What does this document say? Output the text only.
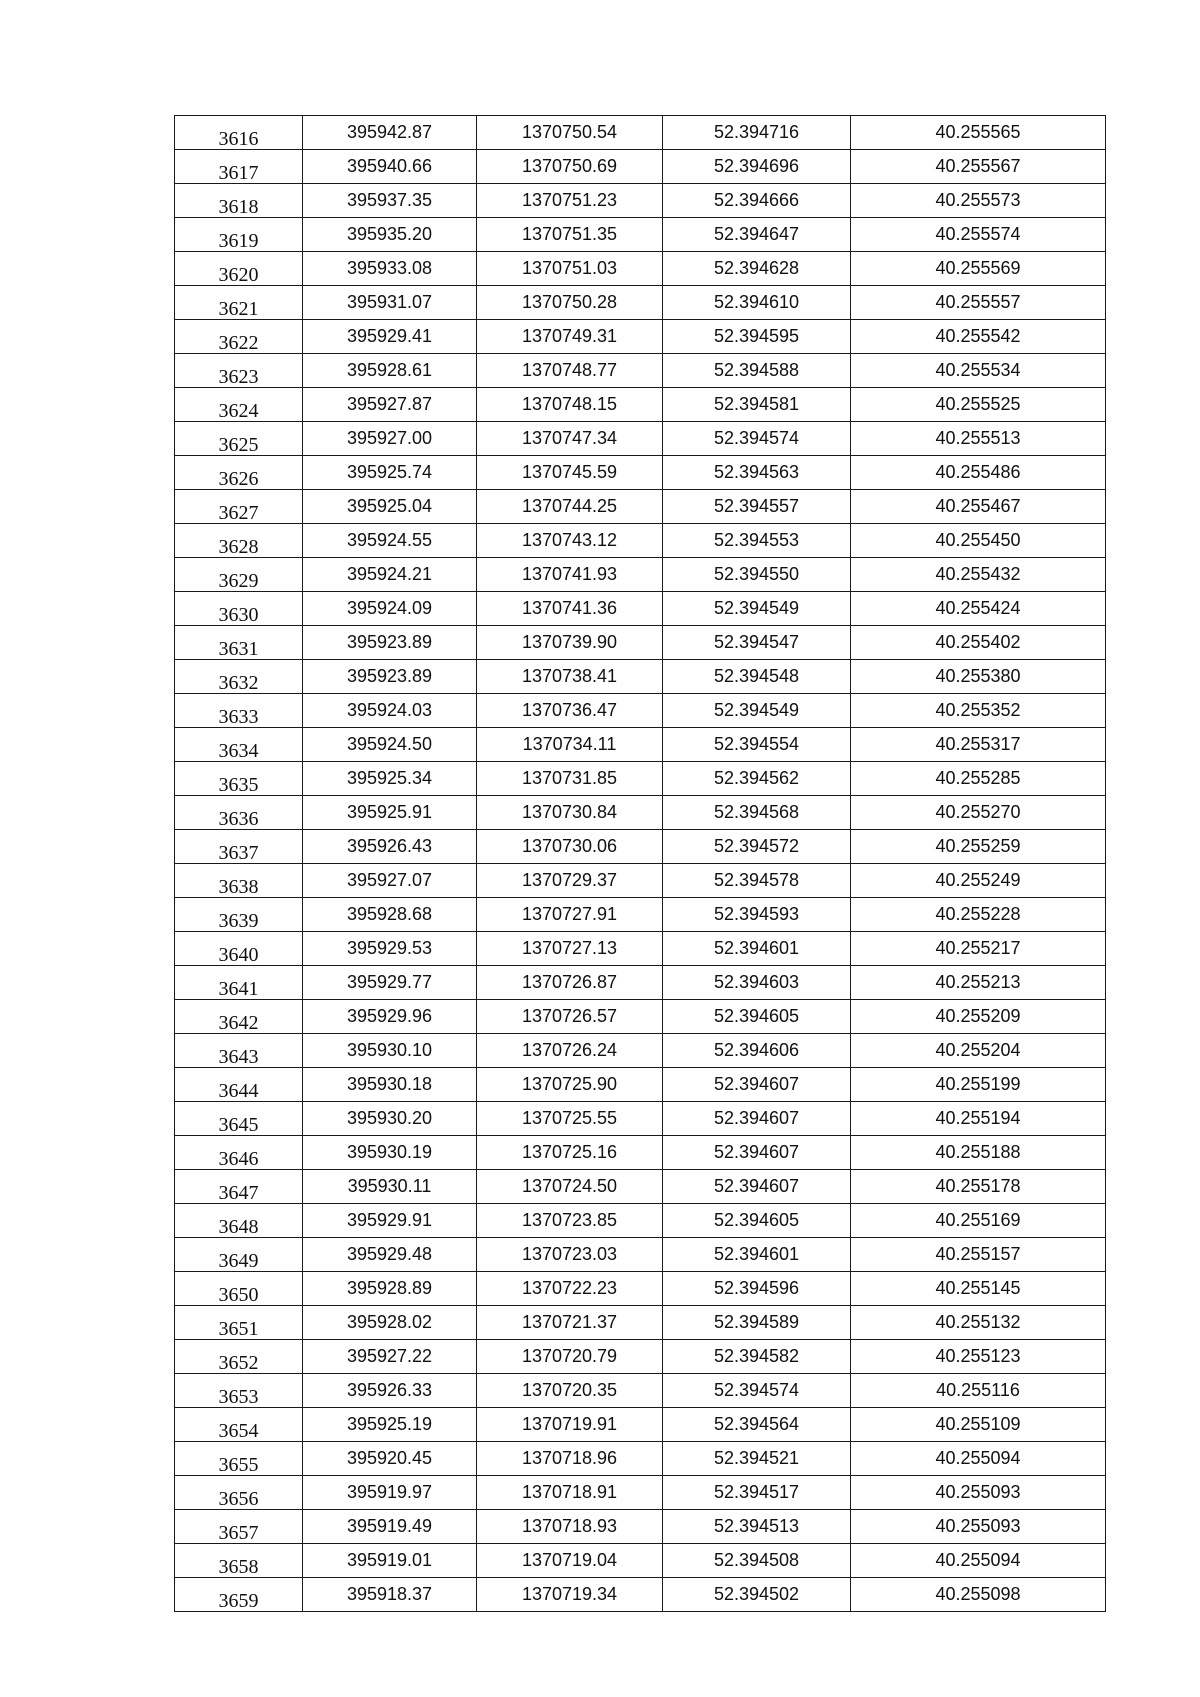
3616	395942.87	1370750.54	52.394716	40.255565
3617	395940.66	1370750.69	52.394696	40.255567
3618	395937.35	1370751.23	52.394666	40.255573
3619	395935.20	1370751.35	52.394647	40.255574
3620	395933.08	1370751.03	52.394628	40.255569
3621	395931.07	1370750.28	52.394610	40.255557
3622	395929.41	1370749.31	52.394595	40.255542
3623	395928.61	1370748.77	52.394588	40.255534
3624	395927.87	1370748.15	52.394581	40.255525
3625	395927.00	1370747.34	52.394574	40.255513
3626	395925.74	1370745.59	52.394563	40.255486
3627	395925.04	1370744.25	52.394557	40.255467
3628	395924.55	1370743.12	52.394553	40.255450
3629	395924.21	1370741.93	52.394550	40.255432
3630	395924.09	1370741.36	52.394549	40.255424
3631	395923.89	1370739.90	52.394547	40.255402
3632	395923.89	1370738.41	52.394548	40.255380
3633	395924.03	1370736.47	52.394549	40.255352
3634	395924.50	1370734.11	52.394554	40.255317
3635	395925.34	1370731.85	52.394562	40.255285
3636	395925.91	1370730.84	52.394568	40.255270
3637	395926.43	1370730.06	52.394572	40.255259
3638	395927.07	1370729.37	52.394578	40.255249
3639	395928.68	1370727.91	52.394593	40.255228
3640	395929.53	1370727.13	52.394601	40.255217
3641	395929.77	1370726.87	52.394603	40.255213
3642	395929.96	1370726.57	52.394605	40.255209
3643	395930.10	1370726.24	52.394606	40.255204
3644	395930.18	1370725.90	52.394607	40.255199
3645	395930.20	1370725.55	52.394607	40.255194
3646	395930.19	1370725.16	52.394607	40.255188
3647	395930.11	1370724.50	52.394607	40.255178
3648	395929.91	1370723.85	52.394605	40.255169
3649	395929.48	1370723.03	52.394601	40.255157
3650	395928.89	1370722.23	52.394596	40.255145
3651	395928.02	1370721.37	52.394589	40.255132
3652	395927.22	1370720.79	52.394582	40.255123
3653	395926.33	1370720.35	52.394574	40.255116
3654	395925.19	1370719.91	52.394564	40.255109
3655	395920.45	1370718.96	52.394521	40.255094
3656	395919.97	1370718.91	52.394517	40.255093
3657	395919.49	1370718.93	52.394513	40.255093
3658	395919.01	1370719.04	52.394508	40.255094
3659	395918.37	1370719.34	52.394502	40.255098
